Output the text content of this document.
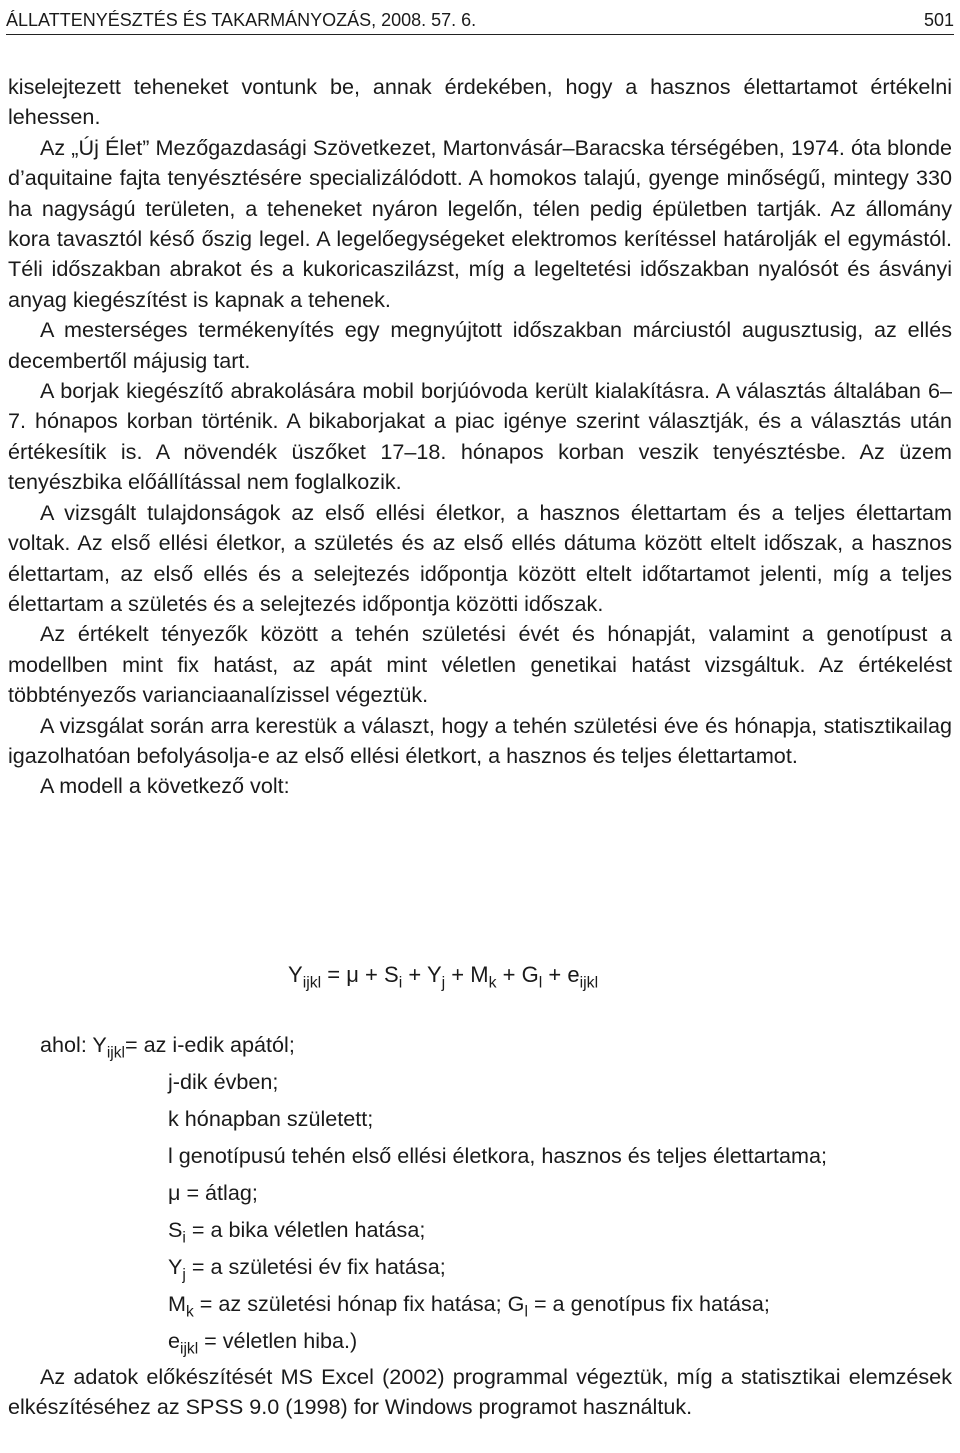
ÁLLATTENYÉSZTÉS ÉS TAKARMÁNYOZÁS, 2008. 57. 6.	501

kiselejtezett teheneket vontunk be, annak érdekében, hogy a hasznos élettartamot értékelni lehessen.

Az „Új Élet” Mezőgazdasági Szövetkezet, Martonvásár–Baracska térségében, 1974. óta blonde d’aquitaine fajta tenyésztésére specializálódott. A homokos talajú, gyenge minőségű, mintegy 330 ha nagyságú területen, a teheneket nyáron legelőn, télen pedig épületben tartják. Az állomány kora tavasztól késő őszig legel. A legelőegységeket elektromos kerítéssel határolják el egymástól. Téli időszakban abrakot és a kukoricaszilázst, míg a legeltetési időszakban nyalósót és ásványi anyag kiegészítést is kapnak a tehenek.

A mesterséges termékenyítés egy megnyújtott időszakban márciustól augusztusig, az ellés decembertől májusig tart.

A borjak kiegészítő abrakolására mobil borjúóvoda került kialakításra. A választás általában 6–7. hónapos korban történik. A bikaborjakat a piac igénye szerint választják, és a választás után értékesítik is. A növendék üszőket 17–18. hónapos korban veszik tenyésztésbe. Az üzem tenyészbika előállítással nem foglalkozik.

A vizsgált tulajdonságok az első ellési életkor, a hasznos élettartam és a teljes élettartam voltak. Az első ellési életkor, a születés és az első ellés dátuma között eltelt időszak, a hasznos élettartam, az első ellés és a selejtezés időpontja között eltelt időtartamot jelenti, míg a teljes élettartam a születés és a selejtezés időpontja közötti időszak.

Az értékelt tényezők között a tehén születési évét és hónapját, valamint a genotípust a modellben mint fix hatást, az apát mint véletlen genetikai hatást vizsgáltuk. Az értékelést többtényezős varianciaanalízissel végeztük.

A vizsgálat során arra kerestük a választ, hogy a tehén születési éve és hónapja, statisztikailag igazolhatóan befolyásolja-e az első ellési életkort, a hasznos és teljes élettartamot.

A modell a következő volt:

$Y_{ijkl} = \mu + S_i + Y_j + M_k + G_l + e_{ijkl}$
ahol: $Y_{ijkl}=$ az i-edik apától;
j-dik évben;
k hónapban született;
l genotípusú tehén első ellési életkora, hasznos és teljes élettartama;
μ = átlag;
$S_i = a$ bika véletlen hatása;
$Y_j = a$ születési év fix hatása;
$M_k$ = az születési hónap fix hatása; $G_l = a$ genotípus fix hatása;
$e_{ijkl}$ = véletlen hiba.)

Az adatok előkészítését MS Excel (2002) programmal végeztük, míg a statisztikai elemzések elkészítéséhez az SPSS 9.0 (1998) for Windows programot használtuk.
